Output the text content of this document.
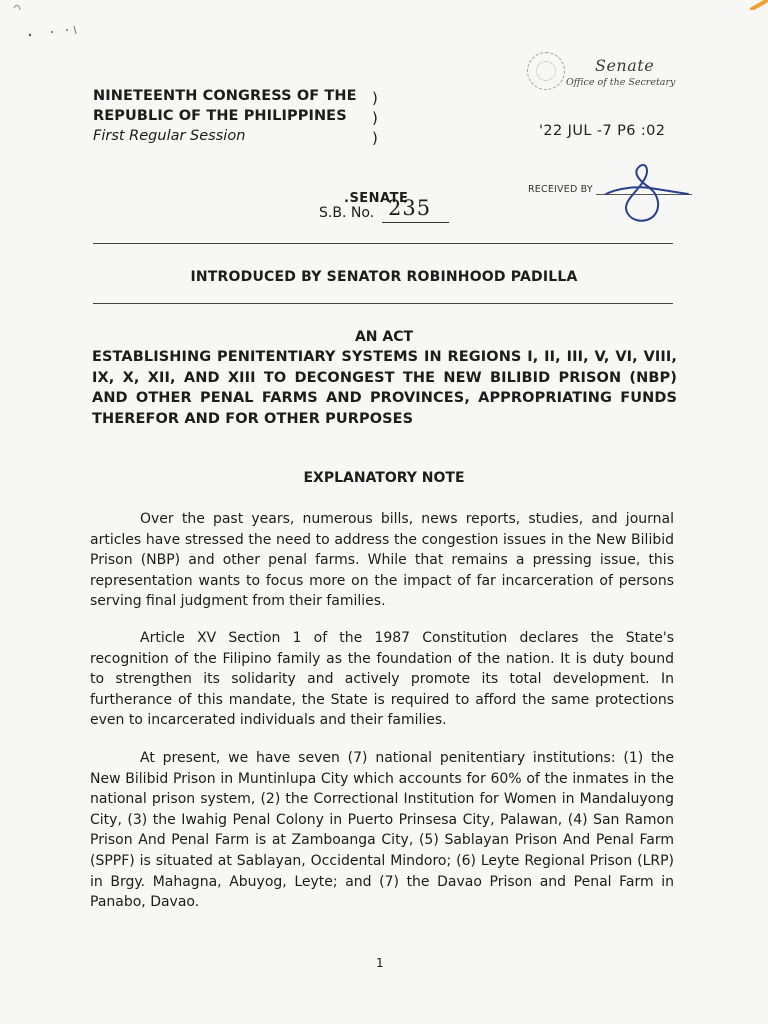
NINETEENTH CONGRESS OF THE
REPUBLIC OF THE PHILIPPINES
First Regular Session
)
)
)
Senate
Office of the Secretary
'22 JUL -7 P6 :02
RECEIVED BY
.SENATE
S.B. No. 235
INTRODUCED BY SENATOR ROBINHOOD PADILLA
AN ACT
ESTABLISHING PENITENTIARY SYSTEMS IN REGIONS I, II, III, V, VI, VIII, IX, X, XII, AND XIII TO DECONGEST THE NEW BILIBID PRISON (NBP) AND OTHER PENAL FARMS AND PROVINCES, APPROPRIATING FUNDS THEREFOR AND FOR OTHER PURPOSES
EXPLANATORY NOTE
Over the past years, numerous bills, news reports, studies, and journal articles have stressed the need to address the congestion issues in the New Bilibid Prison (NBP) and other penal farms. While that remains a pressing issue, this representation wants to focus more on the impact of far incarceration of persons serving final judgment from their families.
Article XV Section 1 of the 1987 Constitution declares the State's recognition of the Filipino family as the foundation of the nation. It is duty bound to strengthen its solidarity and actively promote its total development. In furtherance of this mandate, the State is required to afford the same protections even to incarcerated individuals and their families.
At present, we have seven (7) national penitentiary institutions: (1) the New Bilibid Prison in Muntinlupa City which accounts for 60% of the inmates in the national prison system, (2) the Correctional Institution for Women in Mandaluyong City, (3) the Iwahig Penal Colony in Puerto Prinsesa City, Palawan, (4) San Ramon Prison And Penal Farm is at Zamboanga City, (5) Sablayan Prison And Penal Farm (SPPF) is situated at Sablayan, Occidental Mindoro; (6) Leyte Regional Prison (LRP) in Brgy. Mahagna, Abuyog, Leyte; and (7) the Davao Prison and Penal Farm in Panabo, Davao.
1
